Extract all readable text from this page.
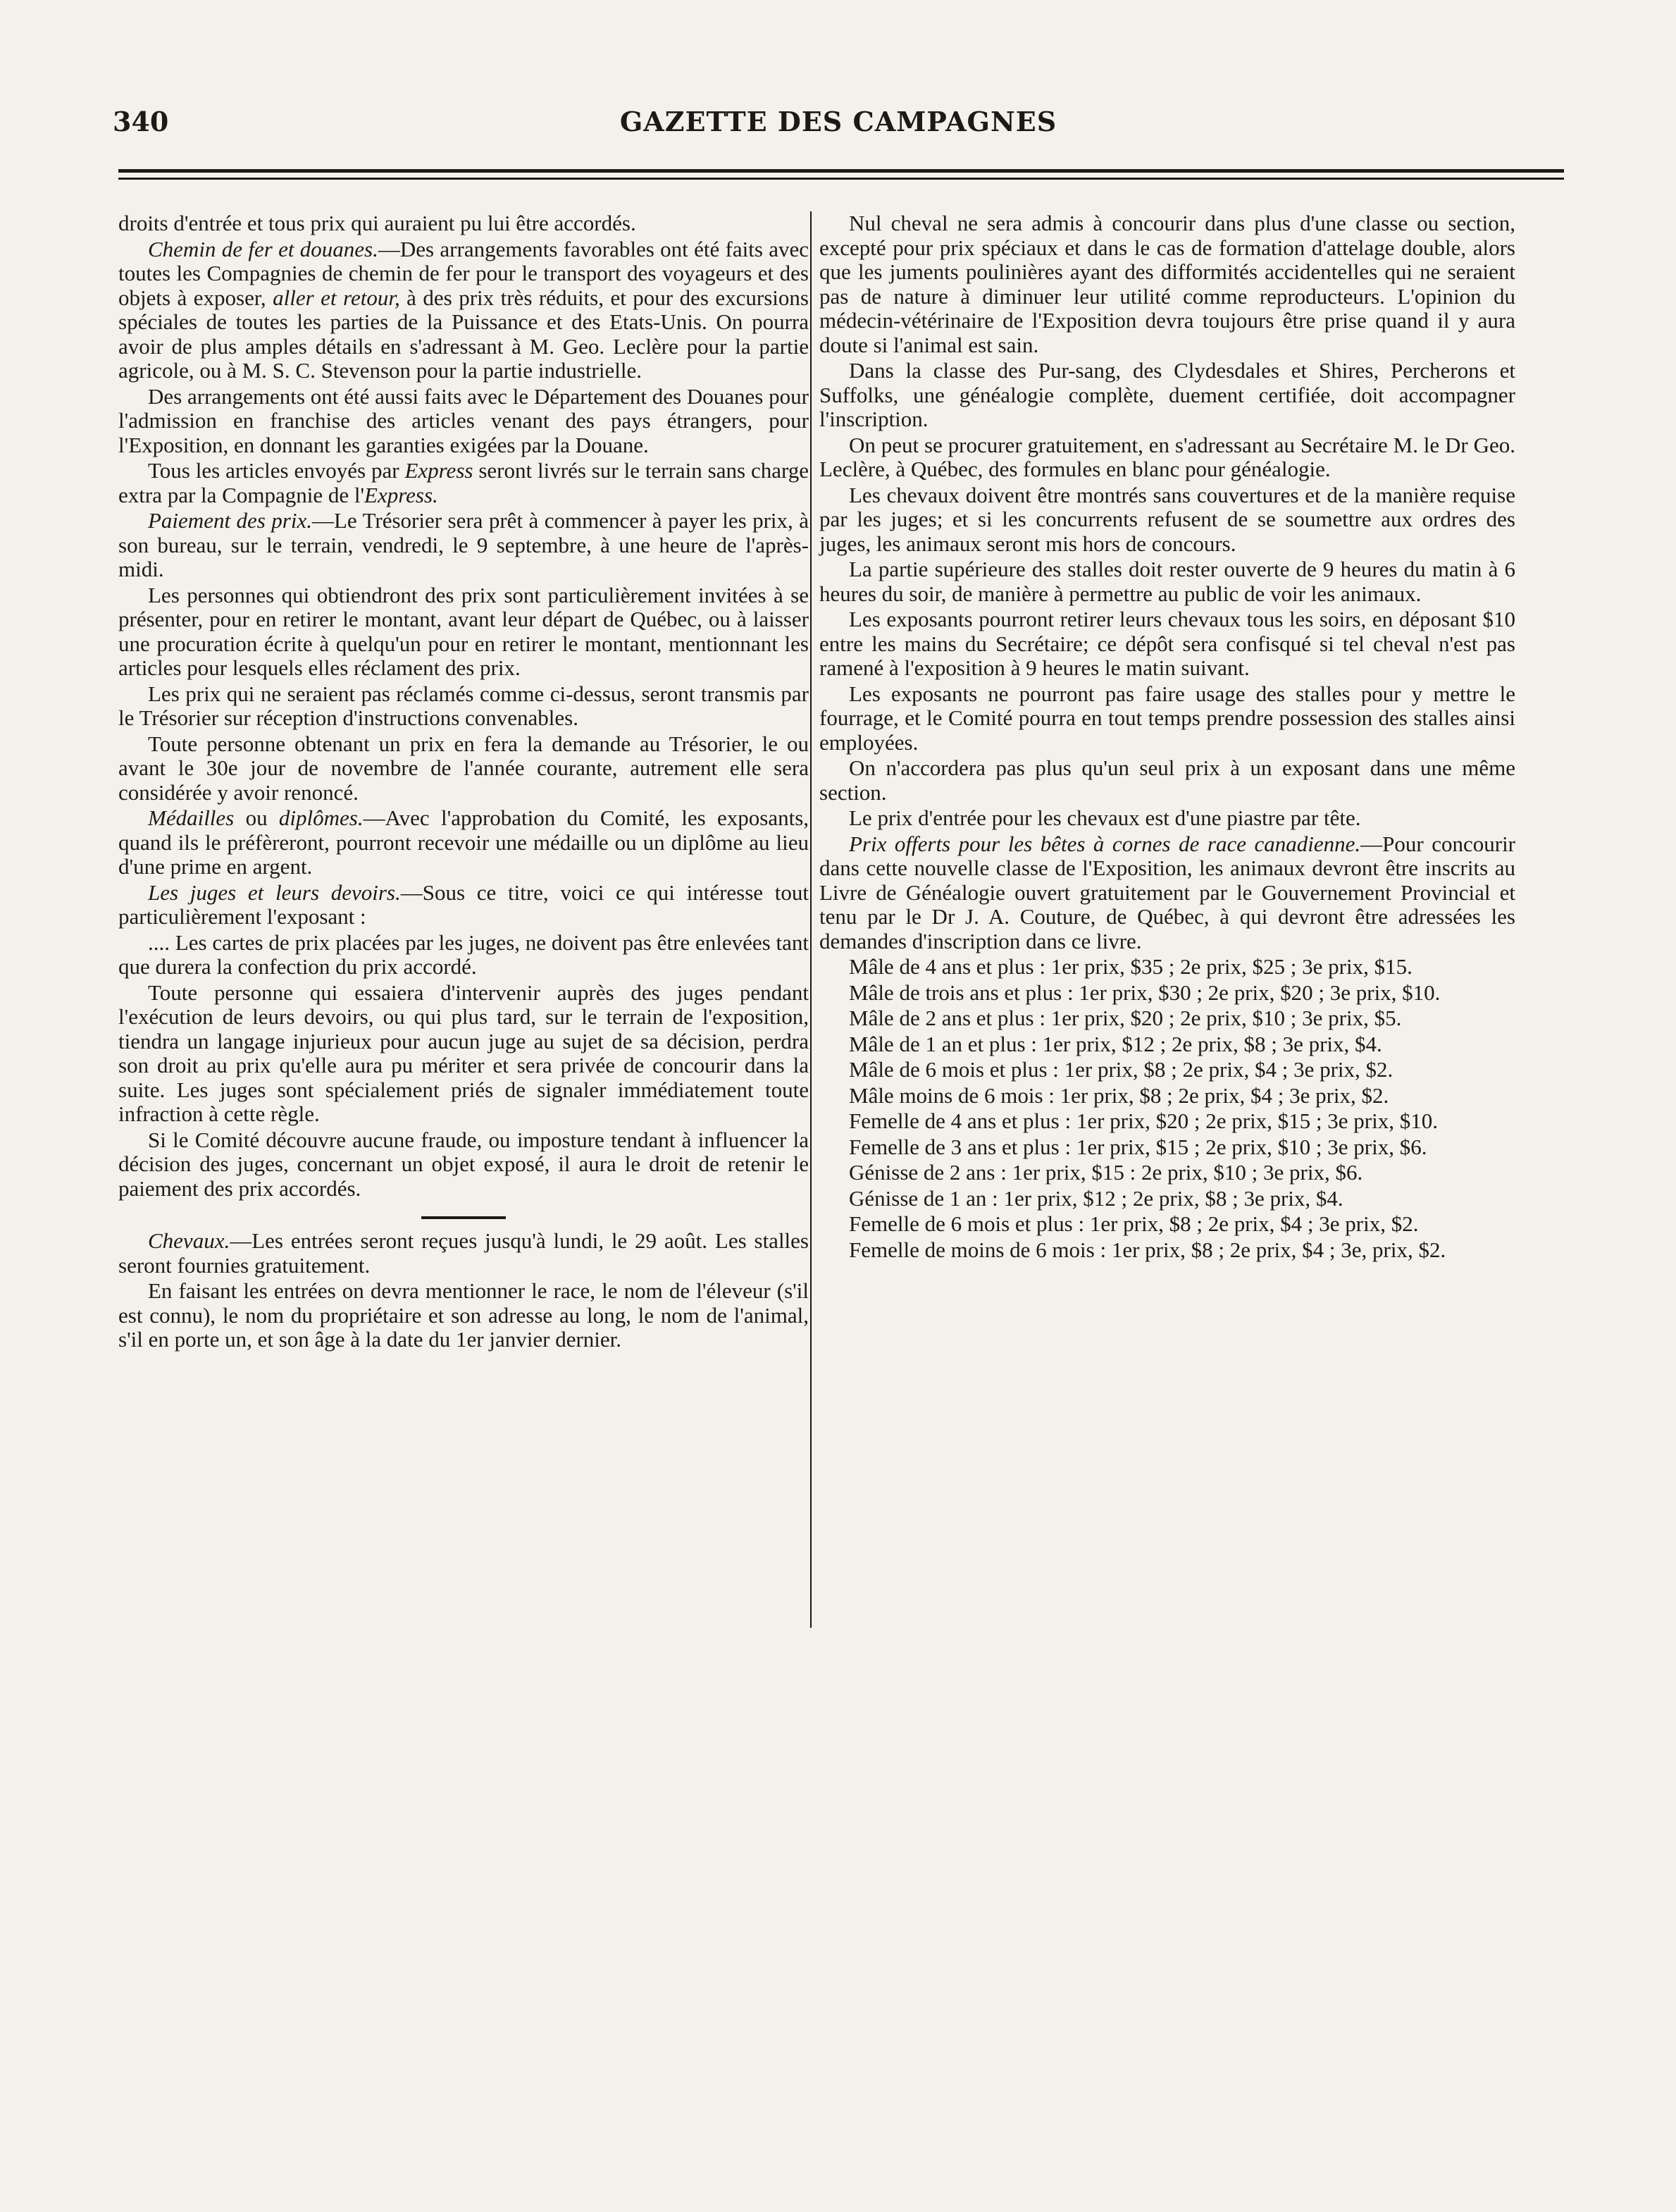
340	GAZETTE DES CAMPAGNES

droits d'entrée et tous prix qui auraient pu lui être accordés.

Chemin de fer et douanes.—Des arrangements favorables ont été faits avec toutes les Compagnies de chemin de fer pour le transport des voyageurs et des objets à exposer, aller et retour, à des prix très réduits, et pour des excursions spéciales de toutes les parties de la Puissance et des Etats-Unis. On pourra avoir de plus amples détails en s'adressant à M. Geo. Leclère pour la partie agricole, ou à M. S. C. Stevenson pour la partie industrielle.

Des arrangements ont été aussi faits avec le Département des Douanes pour l'admission en franchise des articles venant des pays étrangers, pour l'Exposition, en donnant les garanties exigées par la Douane.

Tous les articles envoyés par Express seront livrés sur le terrain sans charge extra par la Compagnie de l'Express.

Paiement des prix.—Le Trésorier sera prêt à commencer à payer les prix, à son bureau, sur le terrain, vendredi, le 9 septembre, à une heure de l'après-midi.

Les personnes qui obtiendront des prix sont particulièrement invitées à se présenter, pour en retirer le montant, avant leur départ de Québec, ou à laisser une procuration écrite à quelqu'un pour en retirer le montant, mentionnant les articles pour lesquels elles réclament des prix.

Les prix qui ne seraient pas réclamés comme ci-dessus, seront transmis par le Trésorier sur réception d'instructions convenables.

Toute personne obtenant un prix en fera la demande au Trésorier, le ou avant le 30e jour de novembre de l'année courante, autrement elle sera considérée y avoir renoncé.

Médailles ou diplômes.—Avec l'approbation du Comité, les exposants, quand ils le préfèreront, pourront recevoir une médaille ou un diplôme au lieu d'une prime en argent.

Les juges et leurs devoirs.—Sous ce titre, voici ce qui intéresse tout particulièrement l'exposant :

.... Les cartes de prix placées par les juges, ne doivent pas être enlevées tant que durera la confection du prix accordé.

Toute personne qui essaiera d'intervenir auprès des juges pendant l'exécution de leurs devoirs, ou qui plus tard, sur le terrain de l'exposition, tiendra un langage injurieux pour aucun juge au sujet de sa décision, perdra son droit au prix qu'elle aura pu mériter et sera privée de concourir dans la suite. Les juges sont spécialement priés de signaler immédiatement toute infraction à cette règle.

Si le Comité découvre aucune fraude, ou imposture tendant à influencer la décision des juges, concernant un objet exposé, il aura le droit de retenir le paiement des prix accordés.

Chevaux.—Les entrées seront reçues jusqu'à lundi, le 29 août. Les stalles seront fournies gratuitement.

En faisant les entrées on devra mentionner le race, le nom de l'éleveur (s'il est connu), le nom du propriétaire et son adresse au long, le nom de l'animal, s'il en porte un, et son âge à la date du 1er janvier dernier.

Nul cheval ne sera admis à concourir dans plus d'une classe ou section, excepté pour prix spéciaux et dans le cas de formation d'attelage double, alors que les juments poulinières ayant des difformités accidentelles qui ne seraient pas de nature à diminuer leur utilité comme reproducteurs. L'opinion du médecin-vétérinaire de l'Exposition devra toujours être prise quand il y aura doute si l'animal est sain.

Dans la classe des Pur-sang, des Clydesdales et Shires, Percherons et Suffolks, une généalogie complète, duement certifiée, doit accompagner l'inscription.

On peut se procurer gratuitement, en s'adressant au Secrétaire M. le Dr Geo. Leclère, à Québec, des formules en blanc pour généalogie.

Les chevaux doivent être montrés sans couvertures et de la manière requise par les juges; et si les concurrents refusent de se soumettre aux ordres des juges, les animaux seront mis hors de concours.

La partie supérieure des stalles doit rester ouverte de 9 heures du matin à 6 heures du soir, de manière à permettre au public de voir les animaux.

Les exposants pourront retirer leurs chevaux tous les soirs, en déposant $10 entre les mains du Secrétaire; ce dépôt sera confisqué si tel cheval n'est pas ramené à l'exposition à 9 heures le matin suivant.

Les exposants ne pourront pas faire usage des stalles pour y mettre le fourrage, et le Comité pourra en tout temps prendre possession des stalles ainsi employées.

On n'accordera pas plus qu'un seul prix à un exposant dans une même section.

Le prix d'entrée pour les chevaux est d'une piastre par tête.

Prix offerts pour les bêtes à cornes de race canadienne.—Pour concourir dans cette nouvelle classe de l'Exposition, les animaux devront être inscrits au Livre de Généalogie ouvert gratuitement par le Gouvernement Provincial et tenu par le Dr J. A. Couture, de Québec, à qui devront être adressées les demandes d'inscription dans ce livre.

Mâle de 4 ans et plus : 1er prix, $35 ; 2e prix, $25 ; 3e prix, $15.

Mâle de trois ans et plus : 1er prix, $30 ; 2e prix, $20 ; 3e prix, $10.

Mâle de 2 ans et plus : 1er prix, $20 ; 2e prix, $10 ; 3e prix, $5.

Mâle de 1 an et plus : 1er prix, $12 ; 2e prix, $8 ; 3e prix, $4.

Mâle de 6 mois et plus : 1er prix, $8 ; 2e prix, $4 ; 3e prix, $2.

Mâle moins de 6 mois : 1er prix, $8 ; 2e prix, $4 ; 3e prix, $2.

Femelle de 4 ans et plus : 1er prix, $20 ; 2e prix, $15 ; 3e prix, $10.

Femelle de 3 ans et plus : 1er prix, $15 ; 2e prix, $10 ; 3e prix, $6.

Génisse de 2 ans : 1er prix, $15 : 2e prix, $10 ; 3e prix, $6.

Génisse de 1 an : 1er prix, $12 ; 2e prix, $8 ; 3e prix, $4.

Femelle de 6 mois et plus : 1er prix, $8 ; 2e prix, $4 ; 3e prix, $2.

Femelle de moins de 6 mois : 1er prix, $8 ; 2e prix, $4 ; 3e, prix, $2.
